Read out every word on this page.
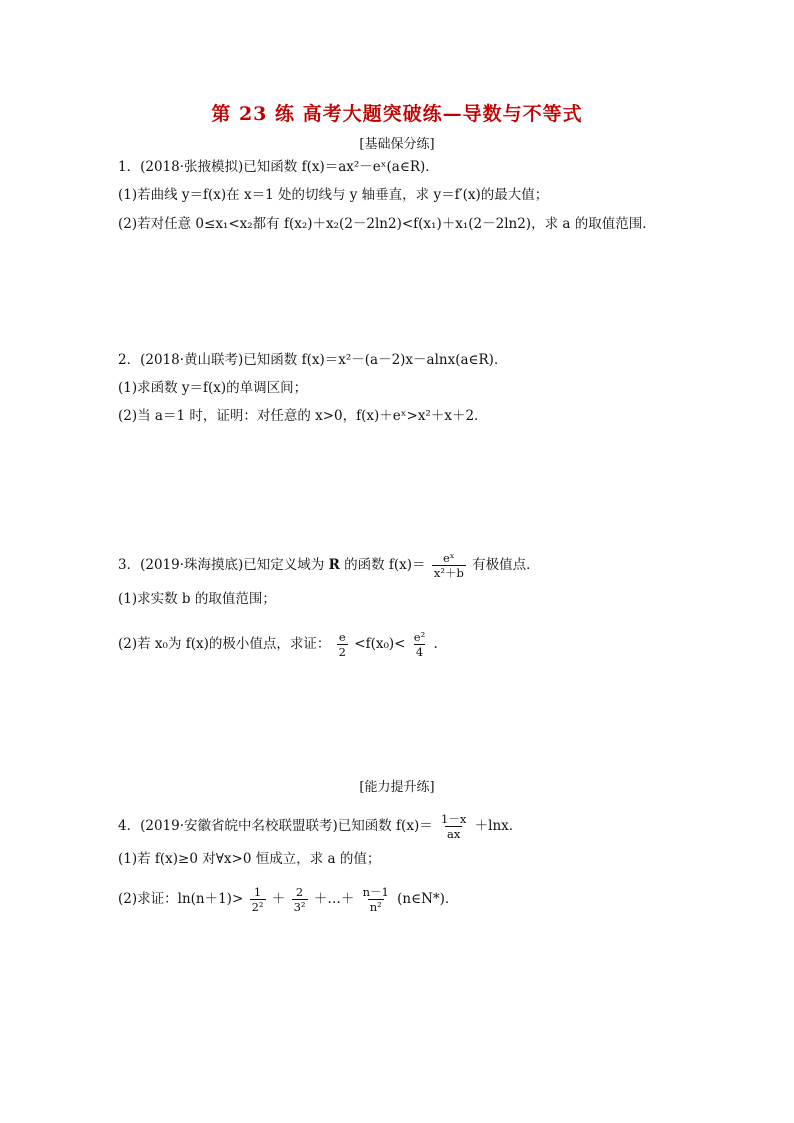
第 23 练 高考大题突破练—导数与不等式
[基础保分练]
1．(2018·张掖模拟)已知函数 f(x)＝ax²－eˣ(a∈R)．
(1)若曲线 y＝f(x)在 x＝1 处的切线与 y 轴垂直，求 y＝f′(x)的最大值；
(2)若对任意 0≤x₁<x₂都有 f(x₂)＋x₂(2－2ln2)<f(x₁)＋x₁(2－2ln2)，求 a 的取值范围．
2．(2018·黄山联考)已知函数 f(x)＝x²－(a－2)x－alnx(a∈R)．
(1)求函数 y＝f(x)的单调区间；
(2)当 a＝1 时，证明：对任意的 x>0，f(x)＋eˣ>x²＋x＋2．
3．(2019·珠海摸底)已知定义域为 R 的函数 $f(x)= \frac{\text{eˣ}}{\text{x²＋b}}$ 有极值点．
(1)求实数 b 的取值范围；
(2)若 x₀为 f(x)的极小值点，求证： $\frac{e}{2} <f(x_0)< \frac{\text{e²}}{4}$ .
[能力提升练]
4．(2019·安徽省皖中名校联盟联考)已知函数 $f(x)= \frac{1-x}{ax} +\ln x$．
(1)若 f(x)≥0 对∀x>0 恒成立，求 a 的值；
(2)求证：$\ln(n+1)> \frac{1}{\text{2²}} + \frac{2}{\text{3²}}$ ＋…＋ $\frac{n-1}{\text{n²}}$ (n∈N*)．
